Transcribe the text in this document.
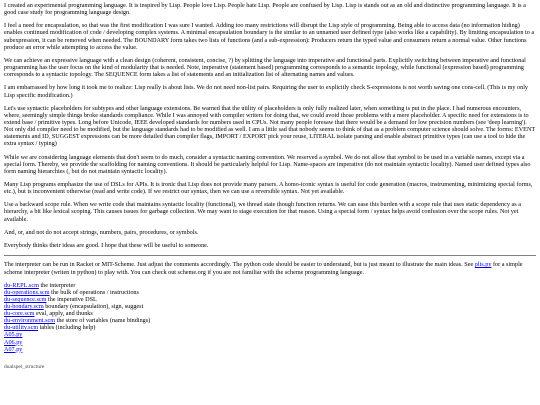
I created an experimental programming language. It is inspired by Lisp. People love Lisp. People hate Lisp. People are confused by Lisp. Lisp is stands out as an old and distinctive programming language. It is a good case study for programming language design.

I feel a need for encapsulation, so that was the first modification I was sure I wanted. Adding too many restrictions will disrupt the Lisp style of programming. Being able to access data (no information hiding) enables continued modification of code / developing complex systems. A minimal encapsulation boundary is the similar to an unnamed user defined type (also works like a capability). By limiting encapsulation to a subexpression, it can be removed when needed. The BOUNDARY form takes two lists of functions (and a sub-expression): Producers return the typed value and consumers return a normal value. Other functions produce an error while attempting to access the value.

We can achieve an expressive language with a clean design (coherent, consistent, concise, ?) by splitting the language into imperative and functional parts. Explicitly switching between imperative and functional programming has the user focus on the kind of modularity that is needed. Note, imperative (statement based) programming corresponds to a semantic topology, while functional (expression based) programming corresponds to a syntactic topology. The SEQUENCE form takes a list of statements and an initialization list of alternating names and values.

I am embarrassed by how long it took me to realize: Lisp really is about lists. We do not need non-list pairs. Requiring the user to explicitly check S-expressions is not worth saving one cons-cell. (This is my only Lisp specific modification.)

Let's use syntactic placeholders for subtypes and other language extensions. Be warned that the utility of placeholders is only fully realized later, when something is put in the place. I had numerous encounters, where, seemingly simple things broke standards compliance. While I was annoyed with compiler writers for doing that, we could avoid those problems with a mere placeholder. A specific need for extensions is to extend base / primitive types. Long before Unicode, IEEE developed standards for numbers used in CPUs. Not many people foresaw that there would be a demand for low precision numbers (see 'deep learning'). Not only did compiler need to be modified, but the language standards had to be modified as well. I am a little sad that nobody seems to think of that as a problem computer science should solve. The forms: EVENT statements and ID, SUGGEST expressions can be more detailed than compiler flags, IMPORT / EXPORT pick your reuse, LITERAL isolate parsing and enable abstract primitive types (can use a tool to hide the extra syntax / typing)

While we are considering language elements that don't seem to do much, consider a syntactic naming convention. We reserved a symbol. We do not allow that symbol to be used in a variable names, except via a special form. Thereby, we provide the scaffolding for naming conventions. It should be particularly helpful for Lisp. Name-spaces are imperative (do not maintain syntactic locality). Named user defined types also form naming hierarchies (, but do not maintain syntactic locality).

Many Lisp programs emphasize the use of DSLs for APIs. It is ironic that Lisp does not provide many parsers. A homo-iconic syntax is useful for code generation (macros, instrumenting, minimizing special forms, etc.), but is inconvenient otherwise (read and write code). If we restrict our syntax, then we can use a reversible syntax. Not yet available.

Use a backward scope rule. When we write code that maintains syntactic locality (functional), we thread state though function returns. We can ease this burden with a scope rule that uses static dependency as a hierarchy, a bit like lexical scoping. This causes issues for garbage collection. We may want to stage execution for that reason. Using a special form / syntax helps avoid confusion over the scope rules. Not yet available.

And, or, and not do not accept strings, numbers, pairs, procedures, or symbols.

Everybody thinks their ideas are good. I hope that these will be useful to someone.

The interpreter can be run in Racket or MIT-Scheme. Just adjust the comments accordingly. The python code should be easier to understand, but is just meant to illustrate the main ideas. See plis.py for a simple scheme interpreter (writen in python) to play with. You can check out scheme.org if you are not familiar with the scheme programming language.

du-REPL.scm the interpreter
du-operations.scm the bulk of operations / instructions
du-sequence.scm the imperative DSL
du-bondary.scm boundary (encapsulation), sign, suggest
du-core.scm eval, apply, and thunks
du-environment.scm the store of variables (name bindings)
du-utility.scm tables (including help)
A05.py
A06.py
A07.py
dualspel_structure
